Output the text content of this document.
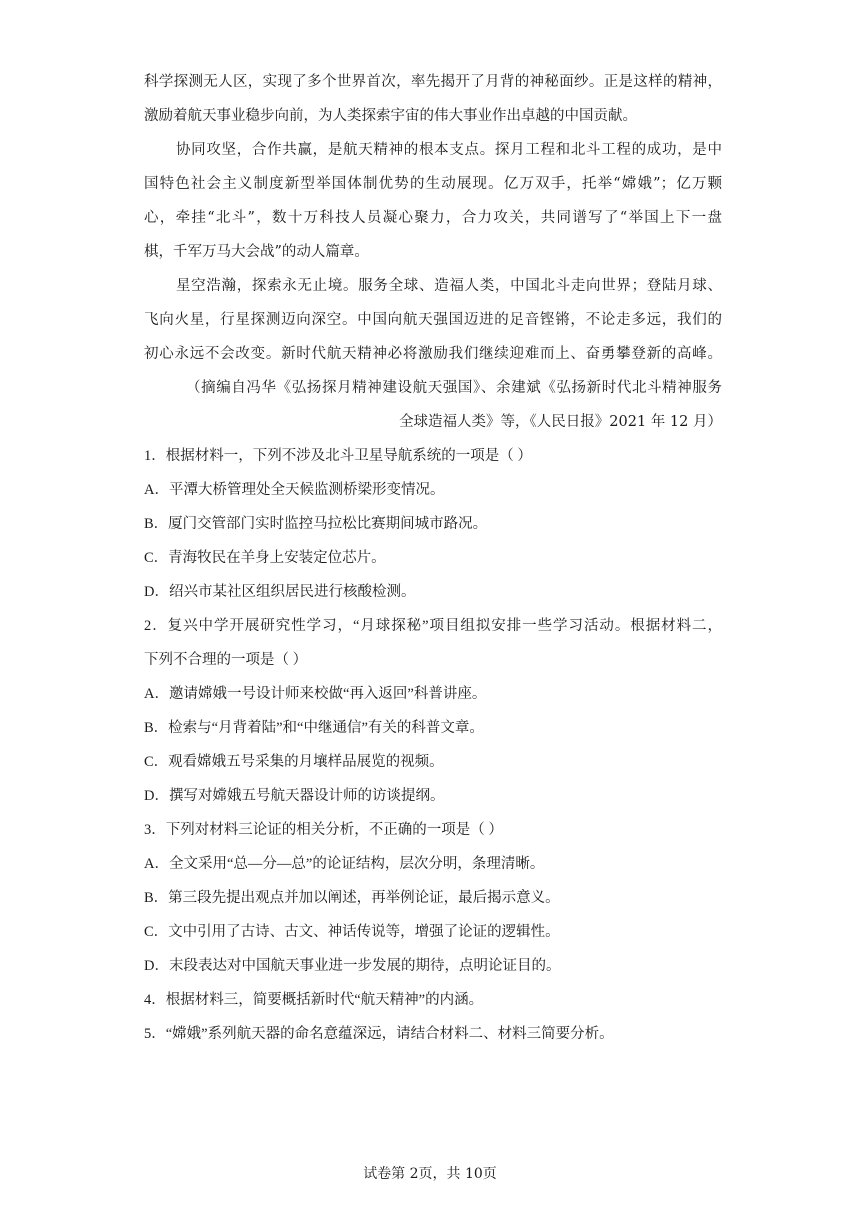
科学探测无人区，实现了多个世界首次，率先揭开了月背的神秘面纱。正是这样的精神，
激励着航天事业稳步向前，为人类探索宇宙的伟大事业作出卓越的中国贡献。
协同攻坚，合作共赢，是航天精神的根本支点。探月工程和北斗工程的成功，是中
国特色社会主义制度新型举国体制优势的生动展现。亿万双手，托举“嫦娥”；亿万颗
心，牵挂“北斗”，数十万科技人员凝心聚力，合力攻关，共同谱写了“举国上下一盘
棋，千军万马大会战”的动人篇章。
星空浩瀚，探索永无止境。服务全球、造福人类，中国北斗走向世界；登陆月球、
飞向火星，行星探测迈向深空。中国向航天强国迈进的足音铿锵，不论走多远，我们的
初心永远不会改变。新时代航天精神必将激励我们继续迎难而上、奋勇攀登新的高峰。
（摘编自冯华《弘扬探月精神建设航天强国》、余建斌《弘扬新时代北斗精神服务
全球造福人类》等，《人民日报》2021 年 12 月）
1．根据材料一，下列不涉及北斗卫星导航系统的一项是（ ）
A．平潭大桥管理处全天候监测桥梁形变情况。
B．厦门交管部门实时监控马拉松比赛期间城市路况。
C．青海牧民在羊身上安装定位芯片。
D．绍兴市某社区组织居民进行核酸检测。
2．复兴中学开展研究性学习，“月球探秘”项目组拟安排一些学习活动。根据材料二，
下列不合理的一项是（ ）
A．邀请嫦娥一号设计师来校做“再入返回”科普讲座。
B．检索与“月背着陆”和“中继通信”有关的科普文章。
C．观看嫦娥五号采集的月壤样品展览的视频。
D．撰写对嫦娥五号航天器设计师的访谈提纲。
3．下列对材料三论证的相关分析，不正确的一项是（ ）
A．全文采用“总—分—总”的论证结构，层次分明，条理清晰。
B．第三段先提出观点并加以阐述，再举例论证，最后揭示意义。
C．文中引用了古诗、古文、神话传说等，增强了论证的逻辑性。
D．末段表达对中国航天事业进一步发展的期待，点明论证目的。
4．根据材料三，简要概括新时代“航天精神”的内涵。
5．“嫦娥”系列航天器的命名意蕴深远，请结合材料二、材料三简要分析。
试卷第 2页，共 10页
